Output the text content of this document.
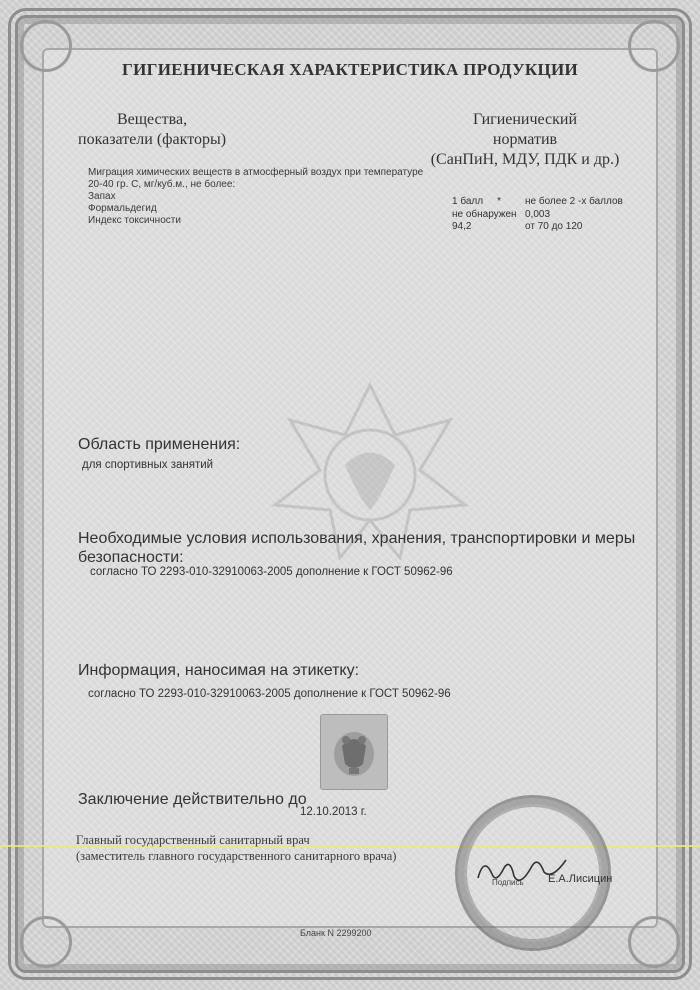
ГИГИЕНИЧЕСКАЯ ХАРАКТЕРИСТИКА ПРОДУКЦИИ
Вещества,
показатели (факторы)
Гигиенический
норматив
(СанПиН, МДУ, ПДК и др.)
Миграция химических веществ в атмосферный воздух при температуре
20-40 гр. С, мг/куб.м., не более:
Запах
Формальдегид
Индекс токсичности
1 балл
не обнаружен
94,2
* не более 2 -х баллов
0,003
от 70 до 120
Область применения:
для спортивных занятий
Необходимые условия использования, хранения, транспортировки и меры
безопасности:
согласно ТО 2293-010-32910063-2005 дополнение к ГОСТ 50962-96
Информация, наносимая на этикетку:
согласно ТО 2293-010-32910063-2005 дополнение к ГОСТ 50962-96
Заключение действительно до
12.10.2013 г.
Главный государственный санитарный врач
(заместитель главного государственного санитарного врача)
Подпись Е.А.Лисицин
Бланк N 2299200
